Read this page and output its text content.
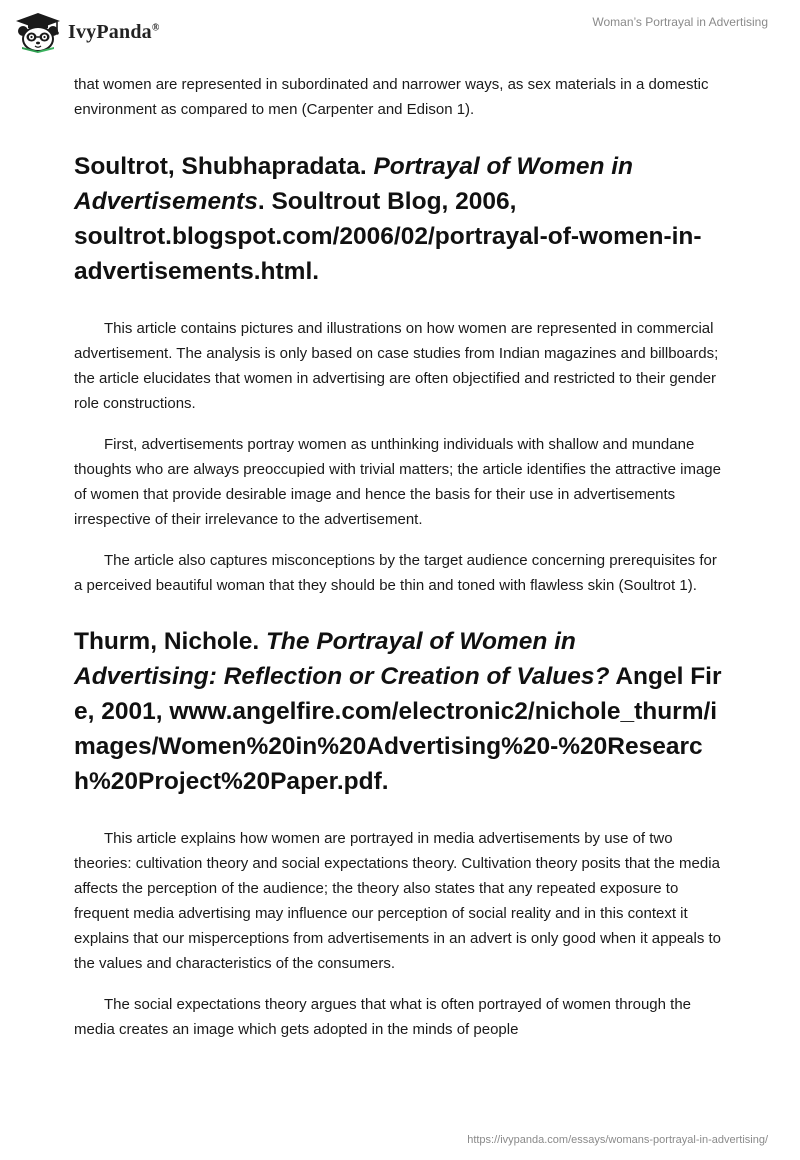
IvyPanda®	Woman’s Portrayal in Advertising

that women are represented in subordinated and narrower ways, as sex materials in a domestic environment as compared to men (Carpenter and Edison 1).

Soultrot, Shubhapradata. Portrayal of Women in Advertisements. Soultrout Blog, 2006, soultrot.blogspot.com/2006/02/portrayal-of-women-in-advertisements.html.

This article contains pictures and illustrations on how women are represented in commercial advertisement. The analysis is only based on case studies from Indian magazines and billboards; the article elucidates that women in advertising are often objectified and restricted to their gender role constructions.

First, advertisements portray women as unthinking individuals with shallow and mundane thoughts who are always preoccupied with trivial matters; the article identifies the attractive image of women that provide desirable image and hence the basis for their use in advertisements irrespective of their irrelevance to the advertisement.

The article also captures misconceptions by the target audience concerning prerequisites for a perceived beautiful woman that they should be thin and toned with flawless skin (Soultrot 1).

Thurm, Nichole. The Portrayal of Women in Advertising: Reflection or Creation of Values? Angel Fire, 2001, www.angelfire.com/electronic2/nichole_thurm/images/Women%20in%20Advertising%20-%20Research%20Project%20Paper.pdf.

This article explains how women are portrayed in media advertisements by use of two theories: cultivation theory and social expectations theory. Cultivation theory posits that the media affects the perception of the audience; the theory also states that any repeated exposure to frequent media advertising may influence our perception of social reality and in this context it explains that our misperceptions from advertisements in an advert is only good when it appeals to the values and characteristics of the consumers.

The social expectations theory argues that what is often portrayed of women through the media creates an image which gets adopted in the minds of people

https://ivypanda.com/essays/womans-portrayal-in-advertising/
